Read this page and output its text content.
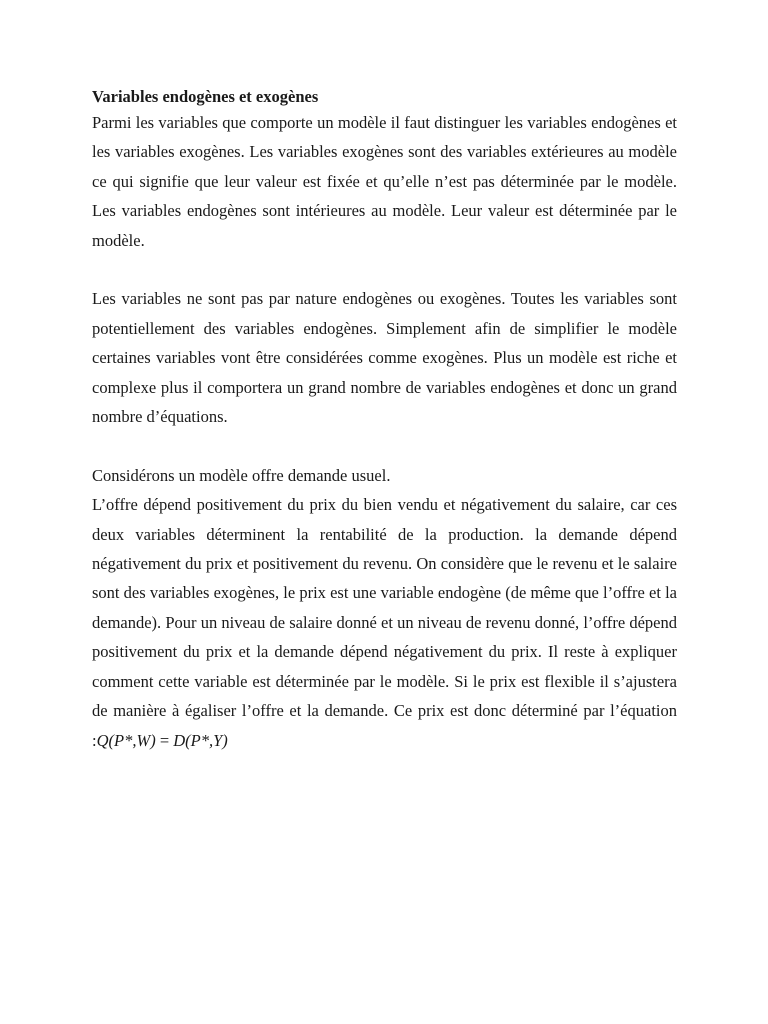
Variables endogènes et exogènes

Parmi les variables que comporte un modèle il faut distinguer les variables endogènes et les variables exogènes. Les variables exogènes sont des variables extérieures au modèle ce qui signifie que leur valeur est fixée et qu’elle n’est pas déterminée par le modèle. Les variables endogènes sont intérieures au modèle. Leur valeur est déterminée par le modèle.

Les variables ne sont pas par nature endogènes ou exogènes. Toutes les variables sont potentiellement des variables endogènes. Simplement afin de simplifier le modèle certaines variables vont être considérées comme exogènes. Plus un modèle est riche et complexe plus il comportera un grand nombre de variables endogènes et donc un grand nombre d’équations.

Considérons un modèle offre demande usuel.

L’offre dépend positivement du prix du bien vendu et négativement du salaire, car ces deux variables déterminent la rentabilité de la production. la demande dépend négativement du prix et positivement du revenu. On considère que le revenu et le salaire sont des variables exogènes, le prix est une variable endogène (de même que l’offre et la demande). Pour un niveau de salaire donné et un niveau de revenu donné, l’offre dépend positivement du prix et la demande dépend négativement du prix. Il reste à expliquer comment cette variable est déterminée par le modèle. Si le prix est flexible il s’ajustera de manière à égaliser l’offre et la demande. Ce prix est donc déterminé par l’équation :Q(P*,W) = D(P*,Y)
